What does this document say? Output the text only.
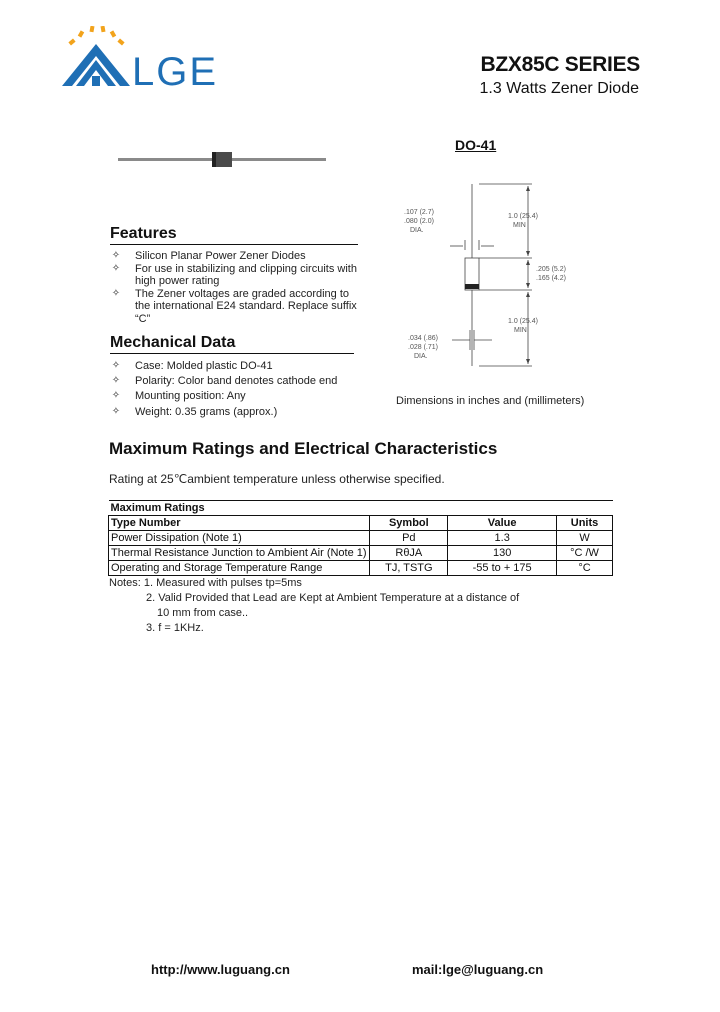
LGE	BZX85C SERIES
1.3 Watts Zener Diode
DO-41
1.0 (25.4)
MIN
.107 (2.7)
.080 (2.0)
DIA.
.205 (5.2)
.165 (4.2)
.034 (.86)
.028 (.71)
DIA.
1.0 (25.4)
MIN
Dimensions in inches and (millimeters)
Features
✧ Silicon Planar Power Zener Diodes
✧ For use in stabilizing and clipping circuits with high power rating
✧ The Zener voltages are graded according to the international E24 standard. Replace suffix “C”
Mechanical Data
✧ Case: Molded plastic DO-41
✧ Polarity: Color band denotes cathode end
✧ Mounting position: Any
✧ Weight: 0.35 grams (approx.)
Maximum Ratings and Electrical Characteristics
Rating at 25℃ambient temperature unless otherwise specified.
Maximum Ratings			
Type Number	Symbol	Value	Units
Power Dissipation (Note 1)	Pd	1.3	W
Thermal Resistance Junction to Ambient Air (Note 1)	RθJA	130	°C /W
Operating and Storage Temperature Range	TJ, TSTG	-55 to + 175	°C
Notes: 1. Measured with pulses tp=5ms
2. Valid Provided that Lead are Kept at Ambient Temperature at a distance of
10 mm from case..
3. f = 1KHz.
http://www.luguang.cn	mail:lge@luguang.cn
